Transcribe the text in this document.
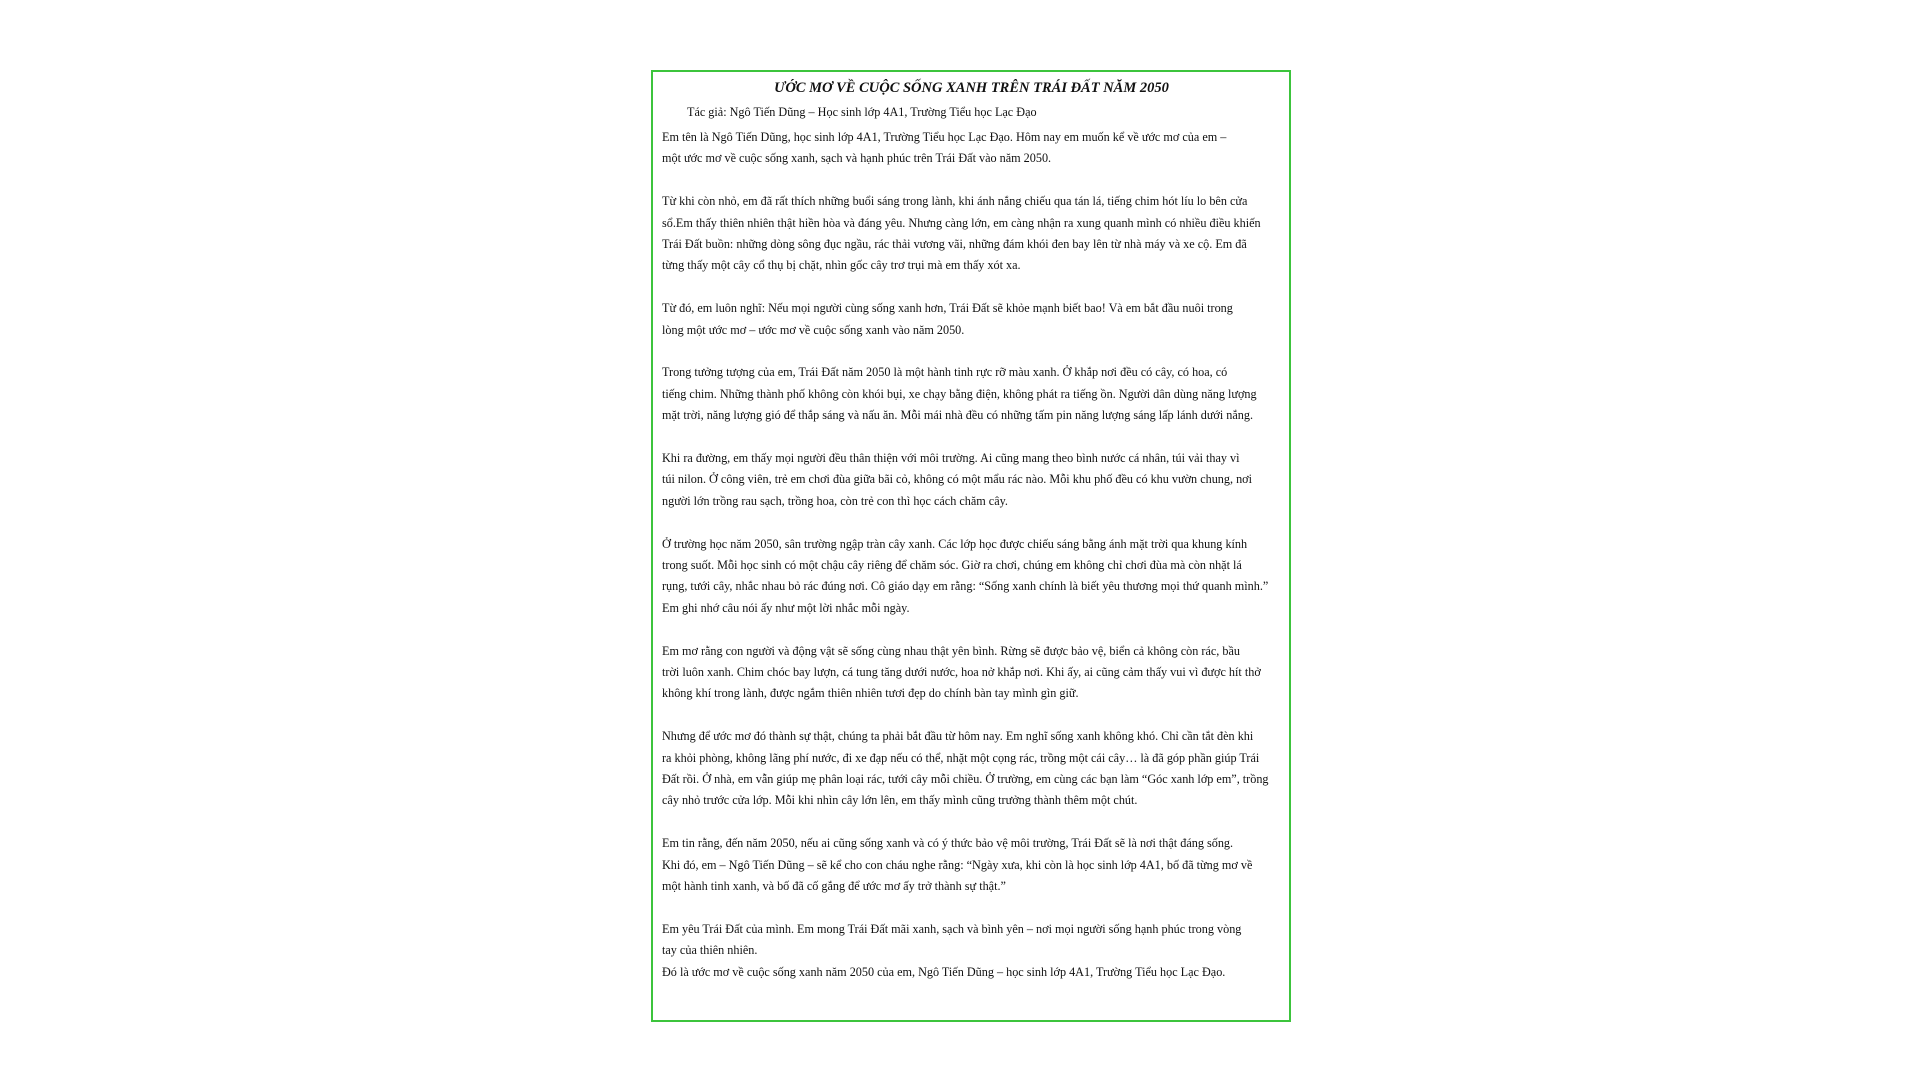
ƯỚC MƠ VỀ CUỘC SỐNG XANH TRÊN TRÁI ĐẤT NĂM 2050
Tác giả: Ngô Tiến Dũng – Học sinh lớp 4A1, Trường Tiểu học Lạc Đạo

Em tên là Ngô Tiến Dũng, học sinh lớp 4A1, Trường Tiểu học Lạc Đạo. Hôm nay em muốn kể về ước mơ của em –
một ước mơ về cuộc sống xanh, sạch và hạnh phúc trên Trái Đất vào năm 2050.

Từ khi còn nhỏ, em đã rất thích những buổi sáng trong lành, khi ánh nắng chiếu qua tán lá, tiếng chim hót líu lo bên cửa
sổ.Em thấy thiên nhiên thật hiền hòa và đáng yêu. Nhưng càng lớn, em càng nhận ra xung quanh mình có nhiều điều khiến
Trái Đất buồn: những dòng sông đục ngầu, rác thải vương vãi, những đám khói đen bay lên từ nhà máy và xe cộ. Em đã
từng thấy một cây cổ thụ bị chặt, nhìn gốc cây trơ trụi mà em thấy xót xa.

Từ đó, em luôn nghĩ: Nếu mọi người cùng sống xanh hơn, Trái Đất sẽ khỏe mạnh biết bao! Và em bắt đầu nuôi trong
lòng một ước mơ – ước mơ về cuộc sống xanh vào năm 2050.

Trong tưởng tượng của em, Trái Đất năm 2050 là một hành tinh rực rỡ màu xanh. Ở khắp nơi đều có cây, có hoa, có
tiếng chim. Những thành phố không còn khói bụi, xe chạy bằng điện, không phát ra tiếng ồn. Người dân dùng năng lượng
mặt trời, năng lượng gió để thắp sáng và nấu ăn. Mỗi mái nhà đều có những tấm pin năng lượng sáng lấp lánh dưới nắng.

Khi ra đường, em thấy mọi người đều thân thiện với môi trường. Ai cũng mang theo bình nước cá nhân, túi vải thay vì
túi nilon. Ở công viên, trẻ em chơi đùa giữa bãi cỏ, không có một mẩu rác nào. Mỗi khu phố đều có khu vườn chung, nơi
người lớn trồng rau sạch, trồng hoa, còn trẻ con thì học cách chăm cây.

Ở trường học năm 2050, sân trường ngập tràn cây xanh. Các lớp học được chiếu sáng bằng ánh mặt trời qua khung kính
trong suốt. Mỗi học sinh có một chậu cây riêng để chăm sóc. Giờ ra chơi, chúng em không chỉ chơi đùa mà còn nhặt lá
rụng, tưới cây, nhắc nhau bỏ rác đúng nơi. Cô giáo dạy em rằng: “Sống xanh chính là biết yêu thương mọi thứ quanh mình.”
Em ghi nhớ câu nói ấy như một lời nhắc mỗi ngày.

Em mơ rằng con người và động vật sẽ sống cùng nhau thật yên bình. Rừng sẽ được bảo vệ, biển cả không còn rác, bầu
trời luôn xanh. Chim chóc bay lượn, cá tung tăng dưới nước, hoa nở khắp nơi. Khi ấy, ai cũng cảm thấy vui vì được hít thở
không khí trong lành, được ngắm thiên nhiên tươi đẹp do chính bàn tay mình gìn giữ.

Nhưng để ước mơ đó thành sự thật, chúng ta phải bắt đầu từ hôm nay. Em nghĩ sống xanh không khó. Chỉ cần tắt đèn khi
ra khỏi phòng, không lãng phí nước, đi xe đạp nếu có thể, nhặt một cọng rác, trồng một cái cây… là đã góp phần giúp Trái
Đất rồi. Ở nhà, em vẫn giúp mẹ phân loại rác, tưới cây mỗi chiều. Ở trường, em cùng các bạn làm “Góc xanh lớp em”, trồng
cây nhỏ trước cửa lớp. Mỗi khi nhìn cây lớn lên, em thấy mình cũng trưởng thành thêm một chút.

Em tin rằng, đến năm 2050, nếu ai cũng sống xanh và có ý thức bảo vệ môi trường, Trái Đất sẽ là nơi thật đáng sống.
Khi đó, em – Ngô Tiến Dũng – sẽ kể cho con cháu nghe rằng: “Ngày xưa, khi còn là học sinh lớp 4A1, bố đã từng mơ về
một hành tinh xanh, và bố đã cố gắng để ước mơ ấy trở thành sự thật.”

Em yêu Trái Đất của mình. Em mong Trái Đất mãi xanh, sạch và bình yên – nơi mọi người sống hạnh phúc trong vòng
tay của thiên nhiên.

Đó là ước mơ về cuộc sống xanh năm 2050 của em, Ngô Tiến Dũng – học sinh lớp 4A1, Trường Tiểu học Lạc Đạo.
